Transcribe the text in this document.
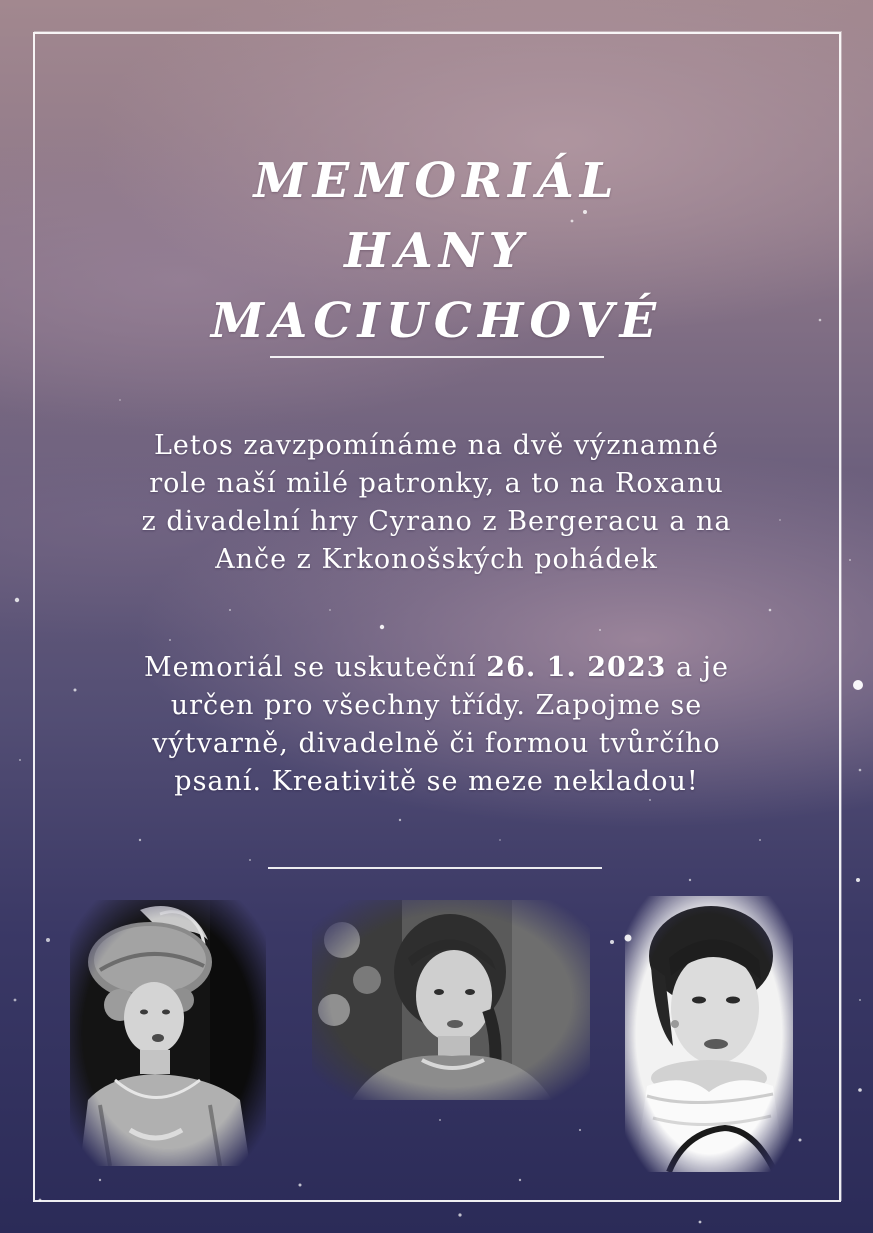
MEMORIÁL
HANY
MACIUCHOVÉ
Letos zavzpomínáme na dvě významné
role naší milé patronky, a to na Roxanu
z divadelní hry Cyrano z Bergeracu a na
Anče z Krkonošských pohádek
Memoriál se uskuteční 26. 1. 2023 a je
určen pro všechny třídy. Zapojme se
výtvarně, divadelně či formou tvůrčího
psaní. Kreativitě se meze nekladou!
